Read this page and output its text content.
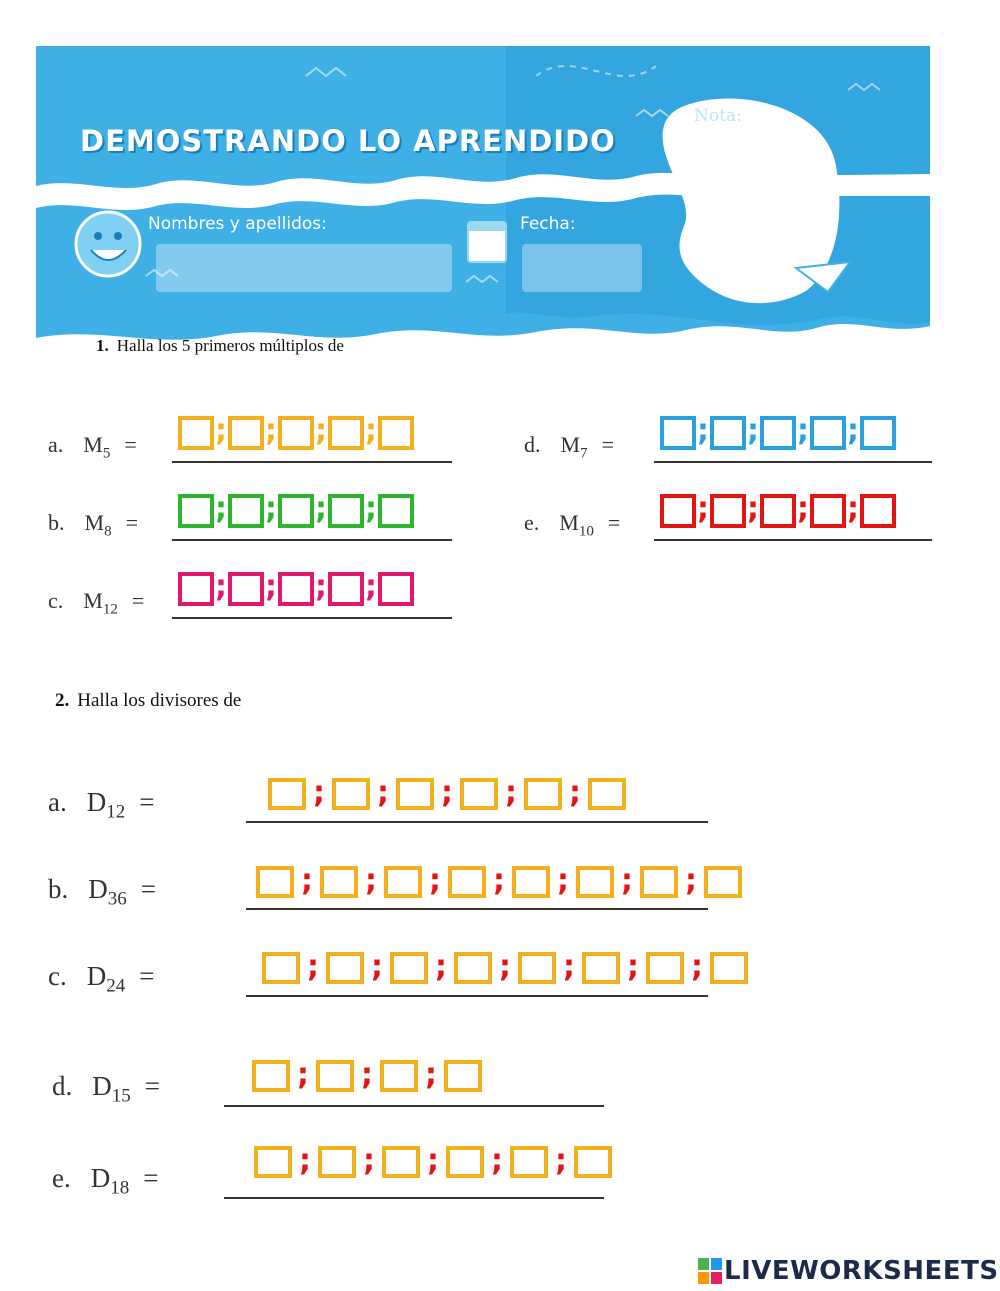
DEMOSTRANDO LO APRENDIDO
Nombres y apellidos:	Fecha:
Nota:
1. Halla los 5 primeros múltiplos de
a. $M_5$ =	; ; ; ;
b. $M_8$ =	; ; ; ;
c. $M_{12}$ = ; ; ; ;
d. $M_7$ =	; ; ; ;
e. $M_{10}$ =	; ; ; ;
2. Halla los divisores de
a. $D_{12}$ =	; ; ; ; ;
b. $D_{36}$ =	; ; ; ; ; ; ;
c. $D_{24}$ =	; ; ; ; ; ; ;
d. $D_{15}$ =	; ; ;
e. $D_{18}$ =	; ; ; ; ;
LIVEWORKSHEETS
